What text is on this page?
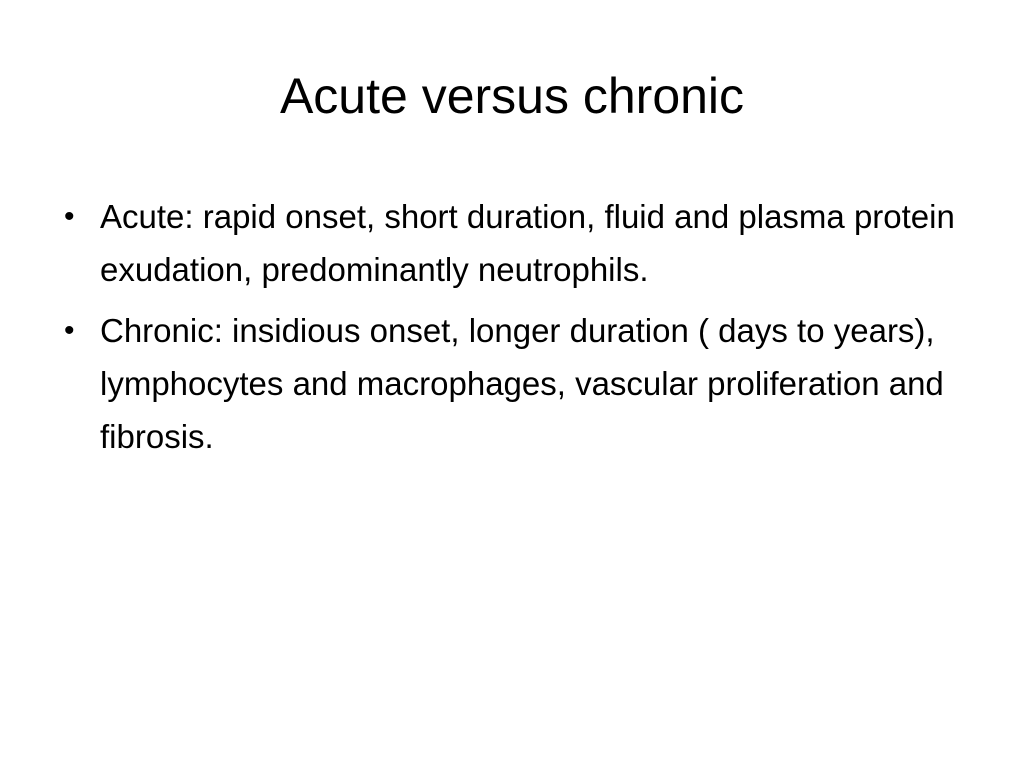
Acute versus chronic
• Acute: rapid onset, short duration, fluid and plasma protein exudation, predominantly neutrophils.
• Chronic: insidious onset, longer duration ( days to years), lymphocytes and macrophages, vascular proliferation and fibrosis.
